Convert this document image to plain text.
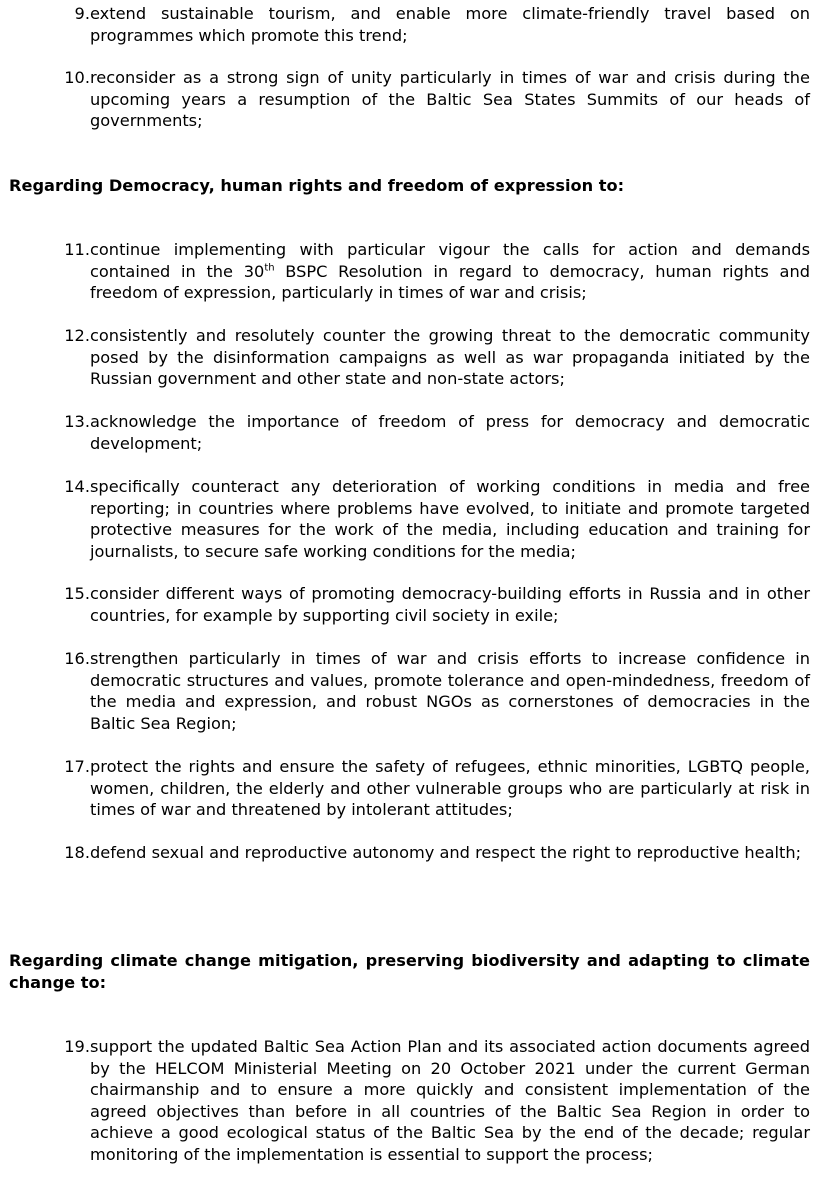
9. extend sustainable tourism, and enable more climate-friendly travel based on programmes which promote this trend;
10. reconsider as a strong sign of unity particularly in times of war and crisis during the upcoming years a resumption of the Baltic Sea States Summits of our heads of governments;
Regarding Democracy, human rights and freedom of expression to:
11. continue implementing with particular vigour the calls for action and demands contained in the 30th BSPC Resolution in regard to democracy, human rights and freedom of expression, particularly in times of war and crisis;
12. consistently and resolutely counter the growing threat to the democratic community posed by the disinformation campaigns as well as war propaganda initiated by the Russian government and other state and non-state actors;
13. acknowledge the importance of freedom of press for democracy and democratic development;
14. specifically counteract any deterioration of working conditions in media and free reporting; in countries where problems have evolved, to initiate and promote targeted protective measures for the work of the media, including education and training for journalists, to secure safe working conditions for the media;
15. consider different ways of promoting democracy-building efforts in Russia and in other countries, for example by supporting civil society in exile;
16. strengthen particularly in times of war and crisis efforts to increase confidence in democratic structures and values, promote tolerance and open-mindedness, freedom of the media and expression, and robust NGOs as cornerstones of democracies in the Baltic Sea Region;
17. protect the rights and ensure the safety of refugees, ethnic minorities, LGBTQ people, women, children, the elderly and other vulnerable groups who are particularly at risk in times of war and threatened by intolerant attitudes;
18. defend sexual and reproductive autonomy and respect the right to reproductive health;
Regarding climate change mitigation, preserving biodiversity and adapting to climate change to:
19. support the updated Baltic Sea Action Plan and its associated action documents agreed by the HELCOM Ministerial Meeting on 20 October 2021 under the current German chairmanship and to ensure a more quickly and consistent implementation of the agreed objectives than before in all countries of the Baltic Sea Region in order to achieve a good ecological status of the Baltic Sea by the end of the decade; regular monitoring of the implementation is essential to support the process;
